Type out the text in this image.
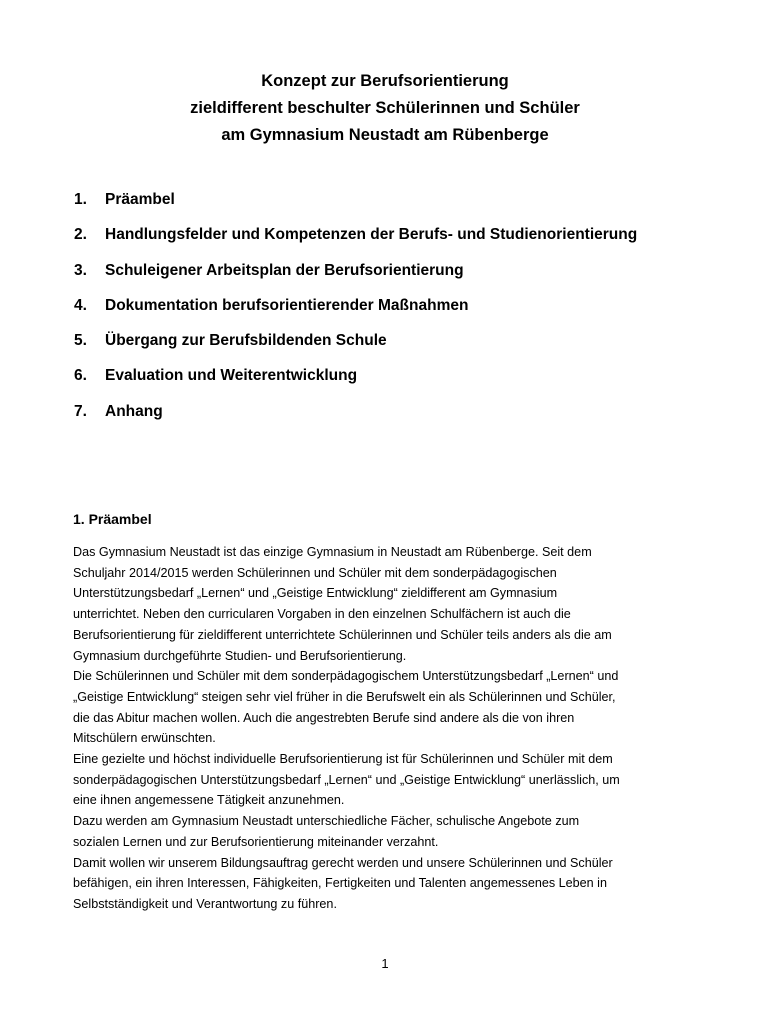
Konzept zur Berufsorientierung

zieldifferent beschulter Schülerinnen und Schüler

am Gymnasium Neustadt am Rübenberge

1.	Präambel
2.	Handlungsfelder und Kompetenzen der Berufs- und Studienorientierung
3.	Schuleigener Arbeitsplan der Berufsorientierung
4.	Dokumentation berufsorientierender Maßnahmen
5.	Übergang zur Berufsbildenden Schule
6.	Evaluation und Weiterentwicklung
7.	Anhang
1. Präambel
Das Gymnasium Neustadt ist das einzige Gymnasium in Neustadt am Rübenberge. Seit dem
Schuljahr 2014/2015 werden Schülerinnen und Schüler mit dem sonderpädagogischen
Unterstützungsbedarf „Lernen“ und „Geistige Entwicklung“ zieldifferent am Gymnasium
unterrichtet. Neben den curricularen Vorgaben in den einzelnen Schulfächern ist auch die
Berufsorientierung für zieldifferent unterrichtete Schülerinnen und Schüler teils anders als die am
Gymnasium durchgeführte Studien- und Berufsorientierung.
Die Schülerinnen und Schüler mit dem sonderpädagogischem Unterstützungsbedarf „Lernen“ und
„Geistige Entwicklung“ steigen sehr viel früher in die Berufswelt ein als Schülerinnen und Schüler,
die das Abitur machen wollen. Auch die angestrebten Berufe sind andere als die von ihren
Mitschülern erwünschten.
Eine gezielte und höchst individuelle Berufsorientierung ist für Schülerinnen und Schüler mit dem
sonderpädagogischen Unterstützungsbedarf „Lernen“ und „Geistige Entwicklung“ unerlässlich, um
eine ihnen angemessene Tätigkeit anzunehmen.
Dazu werden am Gymnasium Neustadt unterschiedliche Fächer, schulische Angebote zum
sozialen Lernen und zur Berufsorientierung miteinander verzahnt.
Damit wollen wir unserem Bildungsauftrag gerecht werden und unsere Schülerinnen und Schüler
befähigen, ein ihren Interessen, Fähigkeiten, Fertigkeiten und Talenten angemessenes Leben in
Selbstständigkeit und Verantwortung zu führen.
1
